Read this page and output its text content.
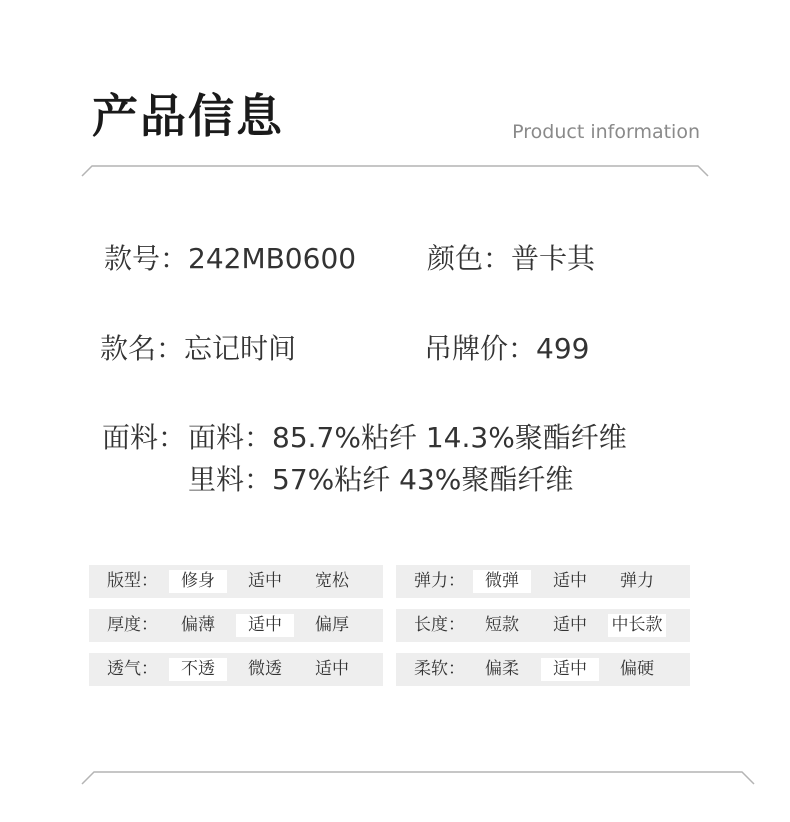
产品信息	Product information
款号：242MB0600	颜色：普卡其
款名：忘记时间	吊牌价：499
面料： 面料：85.7%粘纤 14.3%聚酯纤维
里料：57%粘纤 43%聚酯纤维
版型：	修身	适中	宽松
厚度：	偏薄	适中	偏厚
透气：	不透	微透	适中
弹力：	微弹	适中	弹力
长度：	短款	适中	中长款
柔软：	偏柔	适中	偏硬
